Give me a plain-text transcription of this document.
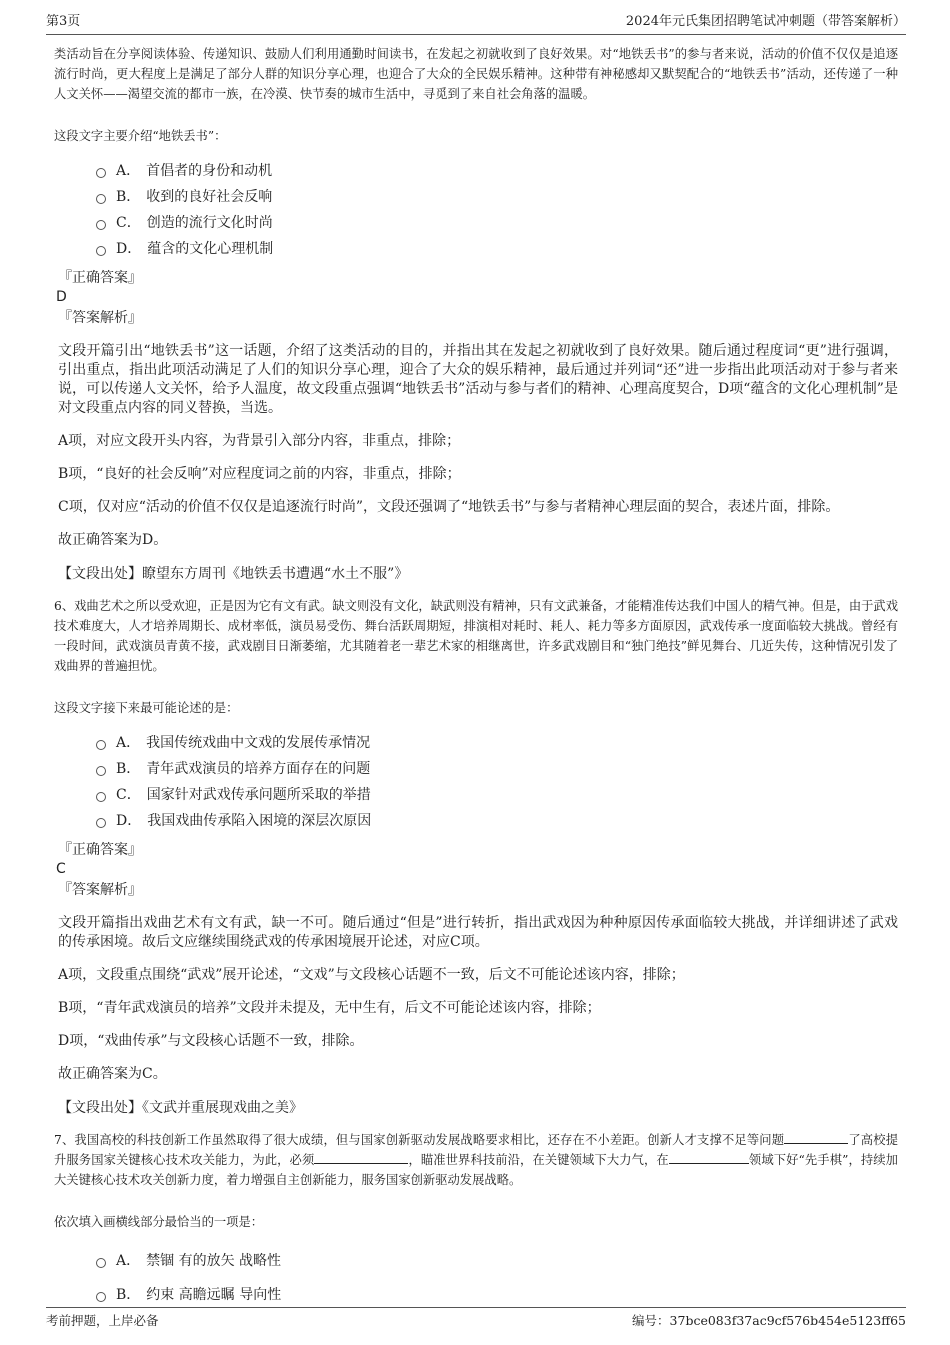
第3页	2024年元氏集团招聘笔试冲刺题（带答案解析）

类活动旨在分享阅读体验、传递知识、鼓励人们利用通勤时间读书，在发起之初就收到了良好效果。对“地铁丢书”的参与者来说，活动的价值不仅仅是追逐流行时尚，更大程度上是满足了部分人群的知识分享心理，也迎合了大众的全民娱乐精神。这种带有神秘感却又默契配合的“地铁丢书”活动，还传递了一种人文关怀——渴望交流的都市一族，在冷漠、快节奏的城市生活中，寻觅到了来自社会角落的温暖。

这段文字主要介绍“地铁丢书”：

A． 首倡者的身份和动机
B． 收到的良好社会反响
C． 创造的流行文化时尚
D． 蕴含的文化心理机制
『正确答案』
D
『答案解析』

文段开篇引出“地铁丢书”这一话题，介绍了这类活动的目的，并指出其在发起之初就收到了良好效果。随后通过程度词“更”进行强调，引出重点，指出此项活动满足了人们的知识分享心理，迎合了大众的娱乐精神，最后通过并列词“还”进一步指出此项活动对于参与者来说，可以传递人文关怀，给予人温度，故文段重点强调“地铁丢书”活动与参与者们的精神、心理高度契合，D项“蕴含的文化心理机制”是对文段重点内容的同义替换，当选。

A项，对应文段开头内容，为背景引入部分内容，非重点，排除；

B项，“良好的社会反响”对应程度词之前的内容，非重点，排除；

C项，仅对应“活动的价值不仅仅是追逐流行时尚”，文段还强调了“地铁丢书”与参与者精神心理层面的契合，表述片面，排除。

故正确答案为D。

【文段出处】瞭望东方周刊《地铁丢书遭遇“水土不服”》

6、戏曲艺术之所以受欢迎，正是因为它有文有武。缺文则没有文化，缺武则没有精神，只有文武兼备，才能精准传达我们中国人的精气神。但是，由于武戏技术难度大，人才培养周期长、成材率低，演员易受伤、舞台活跃周期短，排演相对耗时、耗人、耗力等多方面原因，武戏传承一度面临较大挑战。曾经有一段时间，武戏演员青黄不接，武戏剧目日渐萎缩，尤其随着老一辈艺术家的相继离世，许多武戏剧目和“独门绝技”鲜见舞台、几近失传，这种情况引发了戏曲界的普遍担忧。

这段文字接下来最可能论述的是：

A． 我国传统戏曲中文戏的发展传承情况
B． 青年武戏演员的培养方面存在的问题
C． 国家针对武戏传承问题所采取的举措
D． 我国戏曲传承陷入困境的深层次原因
『正确答案』
C
『答案解析』

文段开篇指出戏曲艺术有文有武，缺一不可。随后通过“但是”进行转折，指出武戏因为种种原因传承面临较大挑战，并详细讲述了武戏的传承困境。故后文应继续围绕武戏的传承困境展开论述，对应C项。

A项，文段重点围绕“武戏”展开论述，“文戏”与文段核心话题不一致，后文不可能论述该内容，排除；

B项，“青年武戏演员的培养”文段并未提及，无中生有，后文不可能论述该内容，排除；

D项，“戏曲传承”与文段核心话题不一致，排除。

故正确答案为C。

【文段出处】《文武并重展现戏曲之美》

7、我国高校的科技创新工作虽然取得了很大成绩，但与国家创新驱动发展战略要求相比，还存在不小差距。创新人才支撑不足等问题	了高校提升服务国家关键核心技术攻关能力，为此，必须	，瞄准世界科技前沿，在关键领域下大力气，在	领域下好“先手棋”，持续加大关键核心技术攻关创新力度，着力增强自主创新能力，服务国家创新驱动发展战略。

依次填入画横线部分最恰当的一项是：

A． 禁锢 有的放矢 战略性
B． 约束 高瞻远瞩 导向性
考前押题，上岸必备	编号：37bce083f37ac9cf576b454e5123ff65
